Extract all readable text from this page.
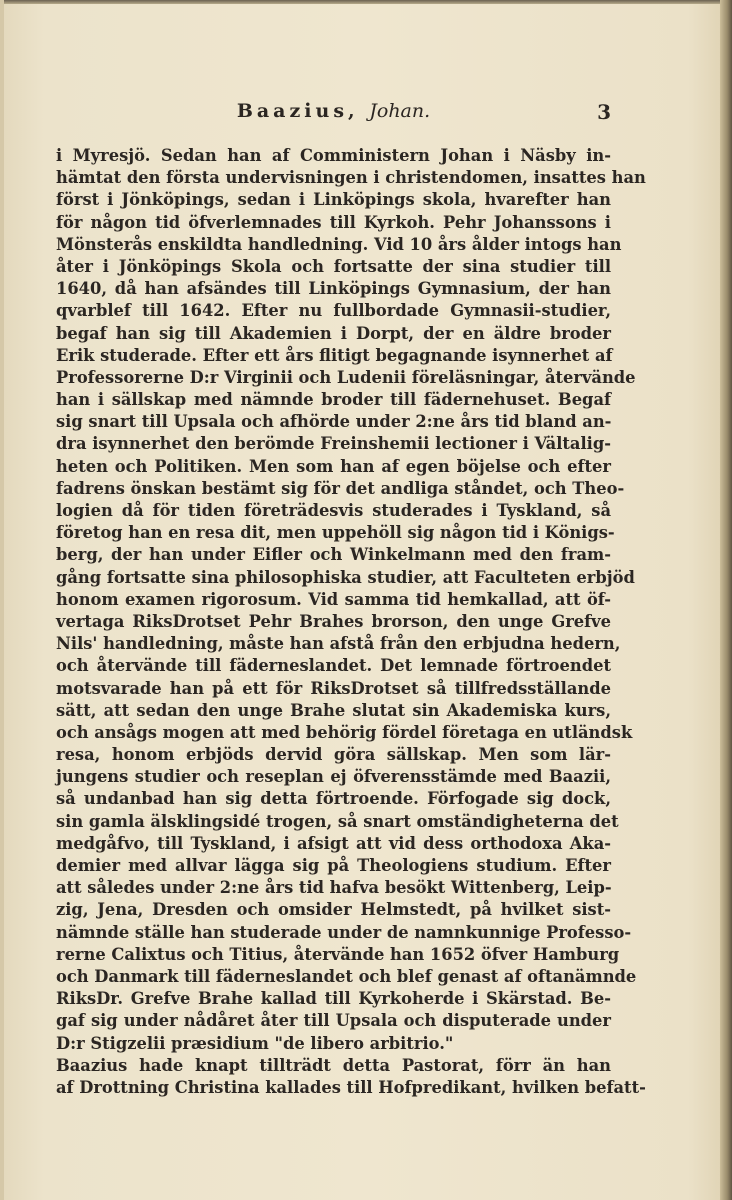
Baazius, Johan.	3
i Myresjö. Sedan han af Comministern Johan i Näsby in-
hämtat den första undervisningen i christendomen, insattes han
först i Jönköpings, sedan i Linköpings skola, hvarefter han
för någon tid öfverlemnades till Kyrkoh. Pehr Johanssons i
Mönsterås enskildta handledning. Vid 10 års ålder intogs han
åter i Jönköpings Skola och fortsatte der sina studier till
1640, då han afsändes till Linköpings Gymnasium, der han
qvarblef till 1642. Efter nu fullbordade Gymnasii-studier,
begaf han sig till Akademien i Dorpt, der en äldre broder
Erik studerade. Efter ett års flitigt begagnande isynnerhet af
Professorerne D:r Virginii och Ludenii föreläsningar, återvände
han i sällskap med nämnde broder till fädernehuset. Begaf
sig snart till Upsala och afhörde under 2:ne års tid bland an-
dra isynnerhet den berömde Freinshemii lectioner i Vältalig-
heten och Politiken. Men som han af egen böjelse och efter
fadrens önskan bestämt sig för det andliga ståndet, och Theo-
logien då för tiden företrädesvis studerades i Tyskland, så
företog han en resa dit, men uppehöll sig någon tid i Königs-
berg, der han under Eifler och Winkelmann med den fram-
gång fortsatte sina philosophiska studier, att Faculteten erbjöd
honom examen rigorosum. Vid samma tid hemkallad, att öf-
vertaga RiksDrotset Pehr Brahes brorson, den unge Grefve
Nils' handledning, måste han afstå från den erbjudna hedern,
och återvände till fäderneslandet. Det lemnade förtroendet
motsvarade han på ett för RiksDrotset så tillfredsställande
sätt, att sedan den unge Brahe slutat sin Akademiska kurs,
och ansågs mogen att med behörig fördel företaga en utländsk
resa, honom erbjöds dervid göra sällskap. Men som lär-
jungens studier och reseplan ej öfverensstämde med Baazii,
så undanbad han sig detta förtroende. Förfogade sig dock,
sin gamla älsklingsidé trogen, så snart omständigheterna det
medgåfvo, till Tyskland, i afsigt att vid dess orthodoxa Aka-
demier med allvar lägga sig på Theologiens studium. Efter
att således under 2:ne års tid hafva besökt Wittenberg, Leip-
zig, Jena, Dresden och omsider Helmstedt, på hvilket sist-
nämnde ställe han studerade under de namnkunnige Professo-
rerne Calixtus och Titius, återvände han 1652 öfver Hamburg
och Danmark till fäderneslandet och blef genast af oftanämnde
RiksDr. Grefve Brahe kallad till Kyrkoherde i Skärstad. Be-
gaf sig under nådåret åter till Upsala och disputerade under
D:r Stigzelii præsidium "de libero arbitrio."
Baazius hade knapt tillträdt detta Pastorat, förr än han
af Drottning Christina kallades till Hofpredikant, hvilken befatt-
